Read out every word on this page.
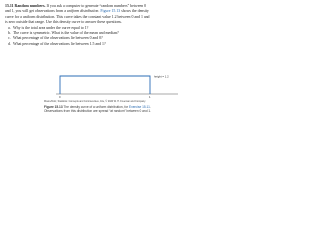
15.11 Random numbers. If you ask a computer to generate “random numbers” between 0
and 1, you will get observations from a uniform distribution. Figure 15.13 shows the density
curve for a uniform distribution. This curve takes the constant value 1.2 between 0 and 1 and
is zero outside that range. Use this density curve to answer these questions.
a. Why is the total area under the curve equal to 1?
b. The curve is symmetric. What is the value of the mean and median?
c. What percentage of the observations lie between 0 and 0?
d. What percentage of the observations lie between 1.5 and 1?
height = 1.2
0	1
Moore/Notz, Statistics: Concepts and Controversies, 10e, © 2020 W. H. Freeman and Company
Figure 15.13 The density curve of a uniform distribution, for Exercise 15.11.
Observations from this distribution are spread “at random” between 0 and 1.
